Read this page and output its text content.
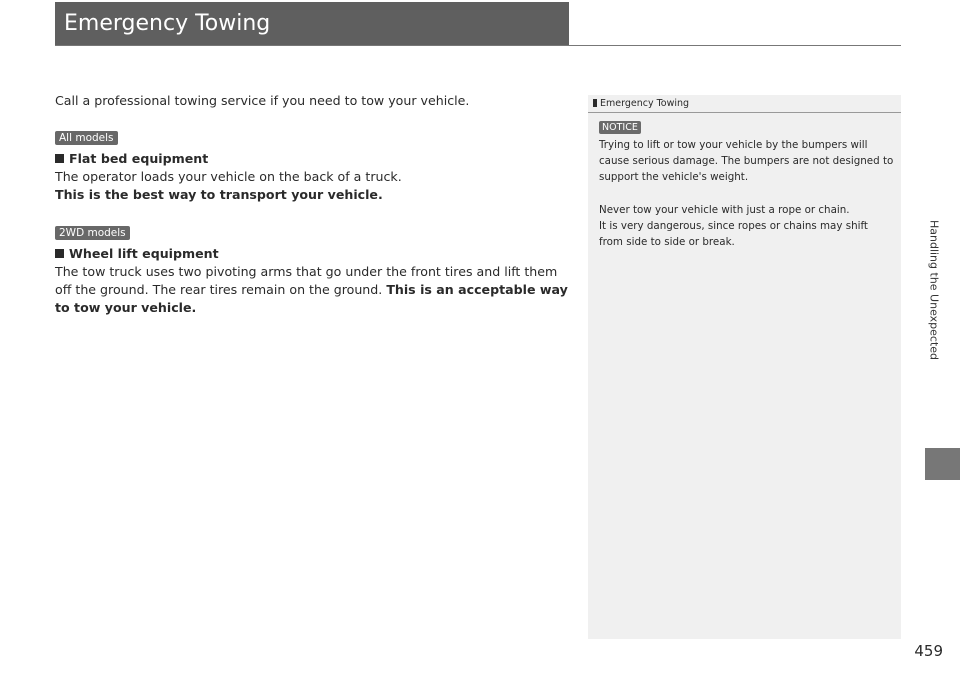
Emergency Towing

Call a professional towing service if you need to tow your vehicle.

All models

Flat bed equipment

The operator loads your vehicle on the back of a truck.

This is the best way to transport your vehicle.

2WD models

Wheel lift equipment

The tow truck uses two pivoting arms that go under the front tires and lift them off the ground. The rear tires remain on the ground. This is an acceptable way to tow your vehicle.

Emergency Towing
NOTICE

Trying to lift or tow your vehicle by the bumpers will cause serious damage. The bumpers are not designed to support the vehicle's weight.

Never tow your vehicle with just a rope or chain.

It is very dangerous, since ropes or chains may shift from side to side or break.	Handling the Unexpected
459
